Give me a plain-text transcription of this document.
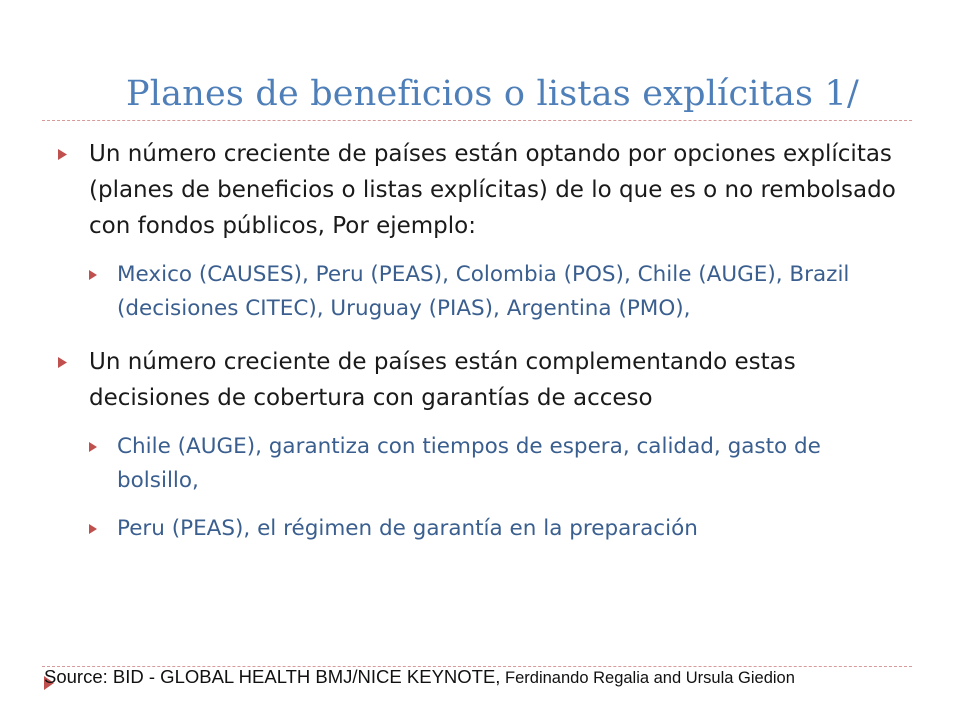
Planes de beneficios o listas explícitas 1/
Un número creciente de países están optando por opciones explícitas (planes de beneficios o listas explícitas) de lo que es o no rembolsado con fondos públicos, Por ejemplo:
Mexico (CAUSES), Peru (PEAS), Colombia (POS), Chile (AUGE), Brazil (decisiones CITEC), Uruguay (PIAS), Argentina (PMO),
Un número creciente de países están complementando estas decisiones de cobertura con garantías de acceso
Chile (AUGE), garantiza con tiempos de espera, calidad, gasto de bolsillo,
Peru (PEAS), el régimen de garantía en la preparación
Source: BID - GLOBAL HEALTH BMJ/NICE KEYNOTE, Ferdinando Regalia and Ursula Giedion
